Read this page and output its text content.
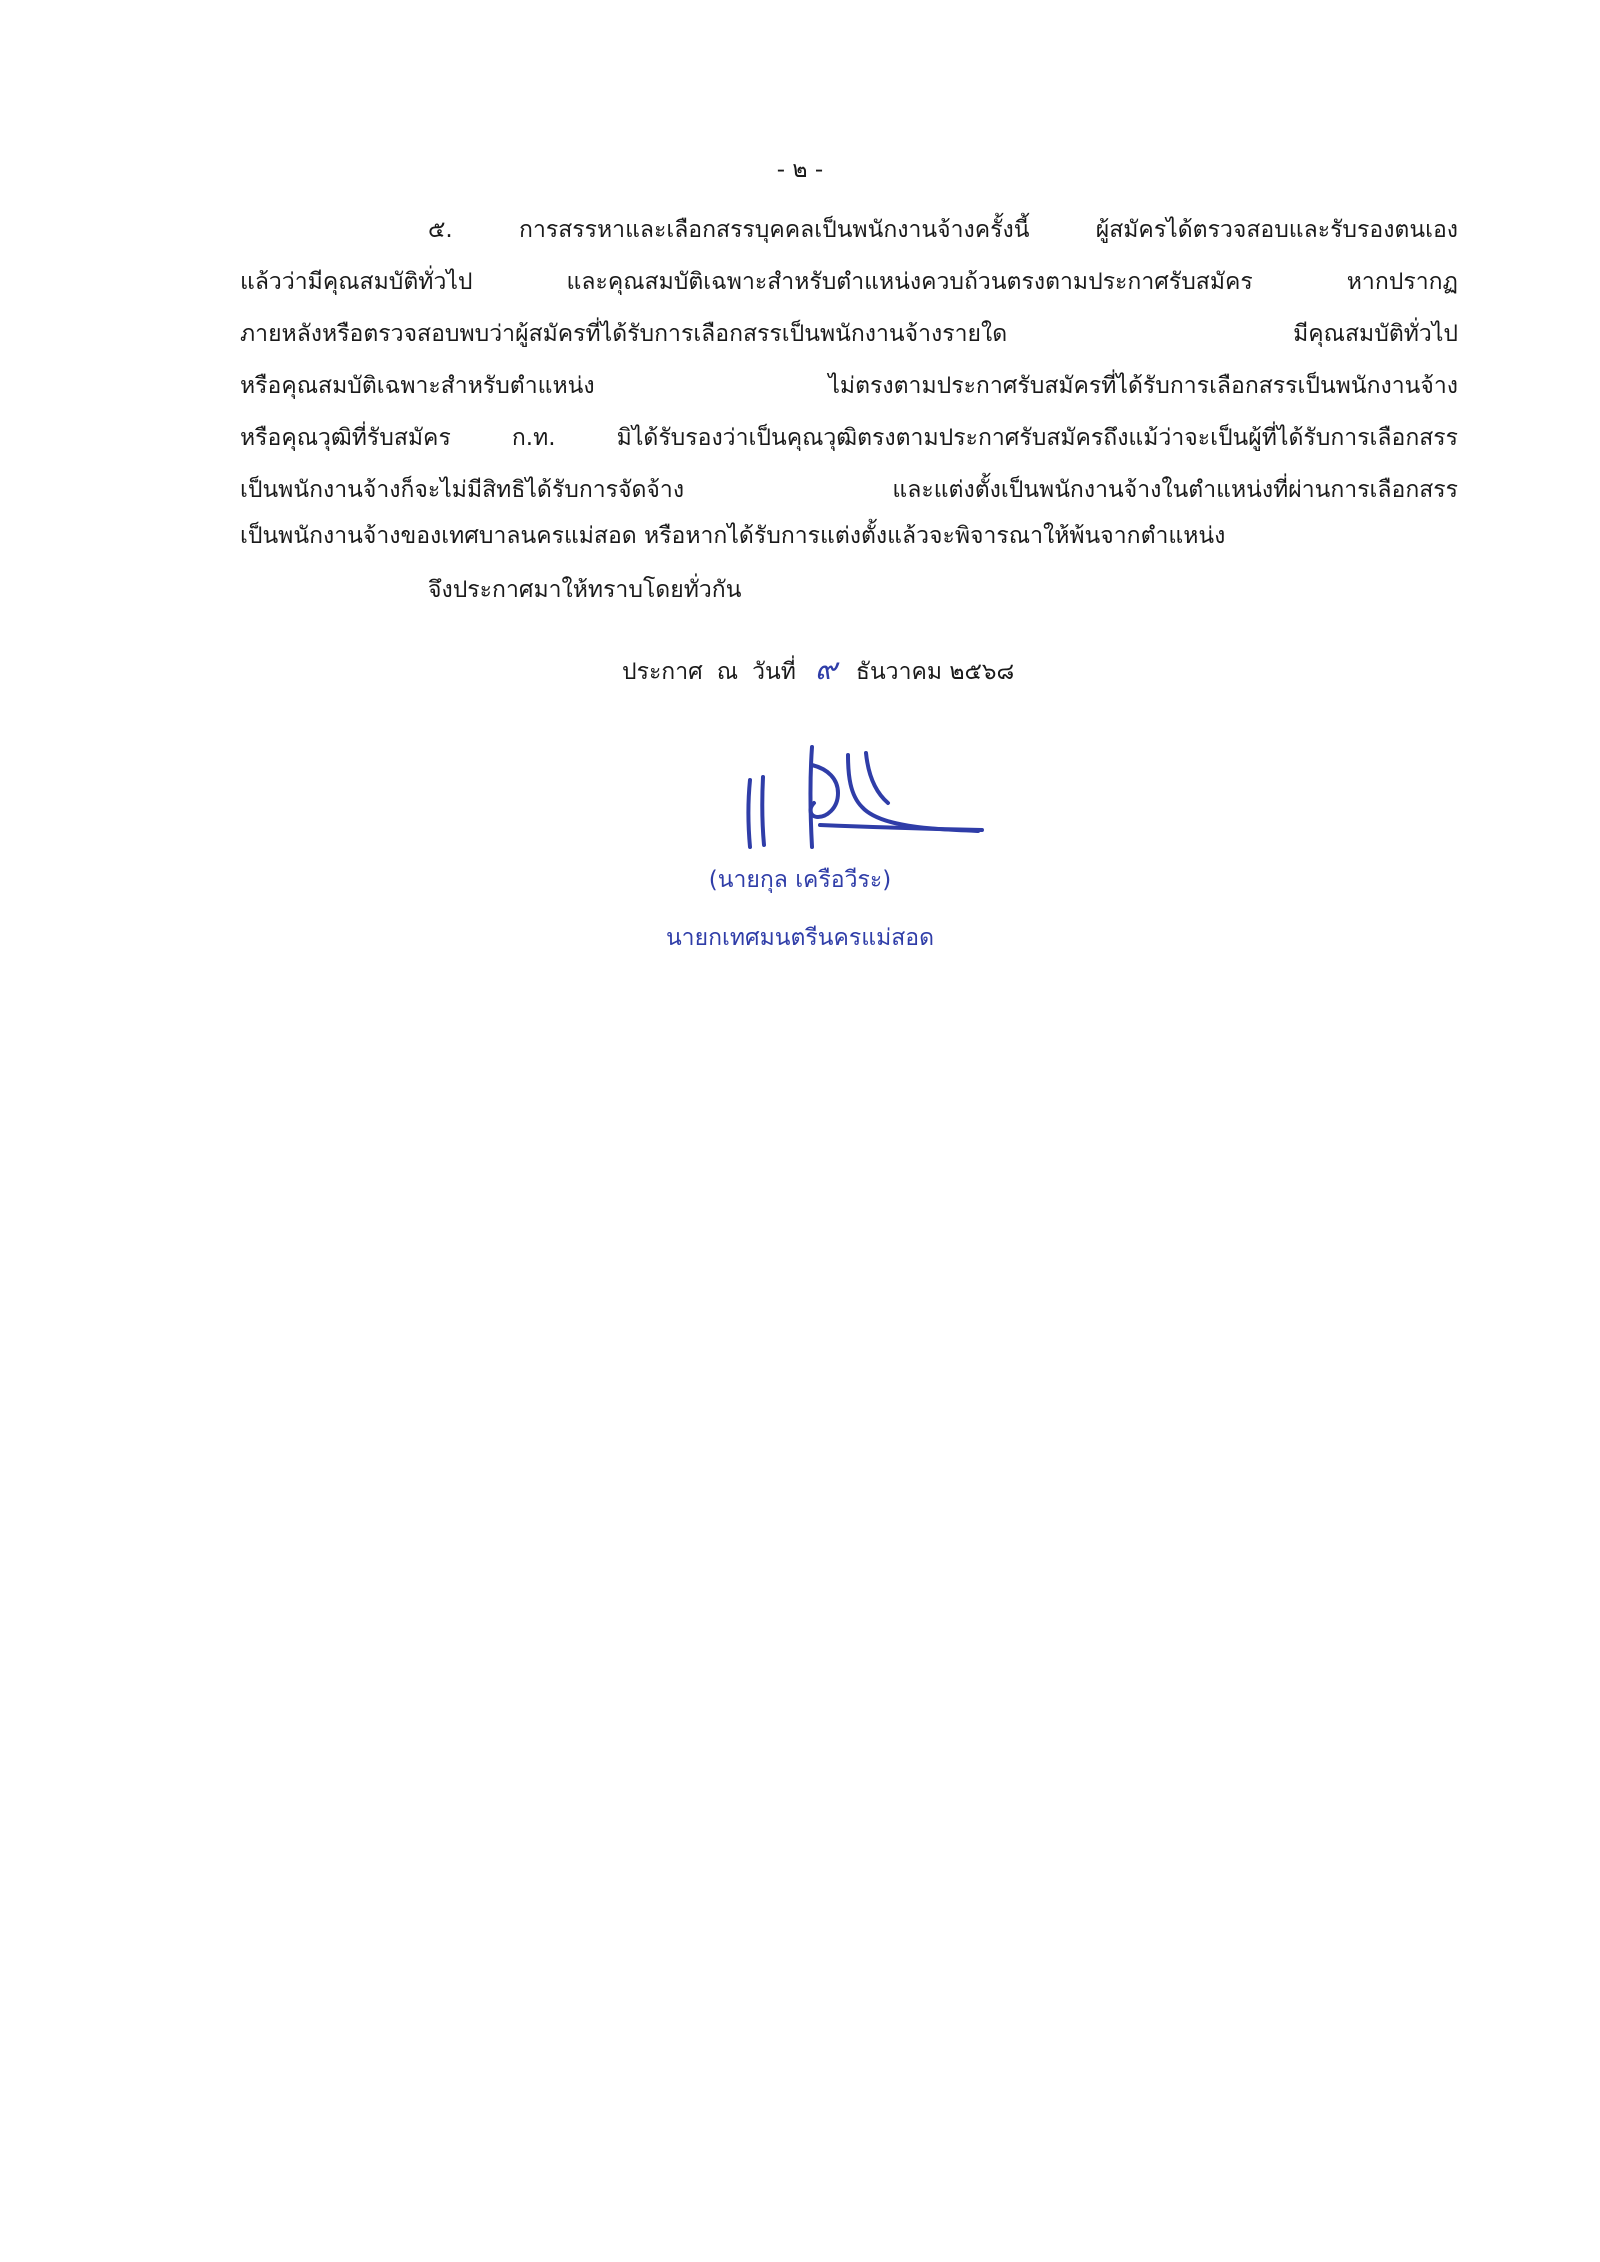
- ๒ -
๕. การสรรหาและเลือกสรรบุคคลเป็นพนักงานจ้างครั้งนี้ ผู้สมัครได้ตรวจสอบและรับรองตนเอง
แล้วว่ามีคุณสมบัติทั่วไป และคุณสมบัติเฉพาะสำหรับตำแหน่งควบถ้วนตรงตามประกาศรับสมัคร หากปรากฏ
ภายหลังหรือตรวจสอบพบว่าผู้สมัครที่ได้รับการเลือกสรรเป็นพนักงานจ้างรายใด มีคุณสมบัติทั่วไป
หรือคุณสมบัติเฉพาะสำหรับตำแหน่ง ไม่ตรงตามประกาศรับสมัครที่ได้รับการเลือกสรรเป็นพนักงานจ้าง
หรือคุณวุฒิที่รับสมัคร ก.ท. มิได้รับรองว่าเป็นคุณวุฒิตรงตามประกาศรับสมัครถึงแม้ว่าจะเป็นผู้ที่ได้รับการเลือกสรร
เป็นพนักงานจ้างก็จะไม่มีสิทธิได้รับการจัดจ้าง และแต่งตั้งเป็นพนักงานจ้างในตำแหน่งที่ผ่านการเลือกสรร
เป็นพนักงานจ้างของเทศบาลนครแม่สอด หรือหากได้รับการแต่งตั้งแล้วจะพิจารณาให้พ้นจากตำแหน่ง
จึงประกาศมาให้ทราบโดยทั่วกัน
ประกาศ ณ วันที่ ๙ ธันวาคม ๒๕๖๘
(นายกุล เครือวีระ)
นายกเทศมนตรีนครแม่สอด
